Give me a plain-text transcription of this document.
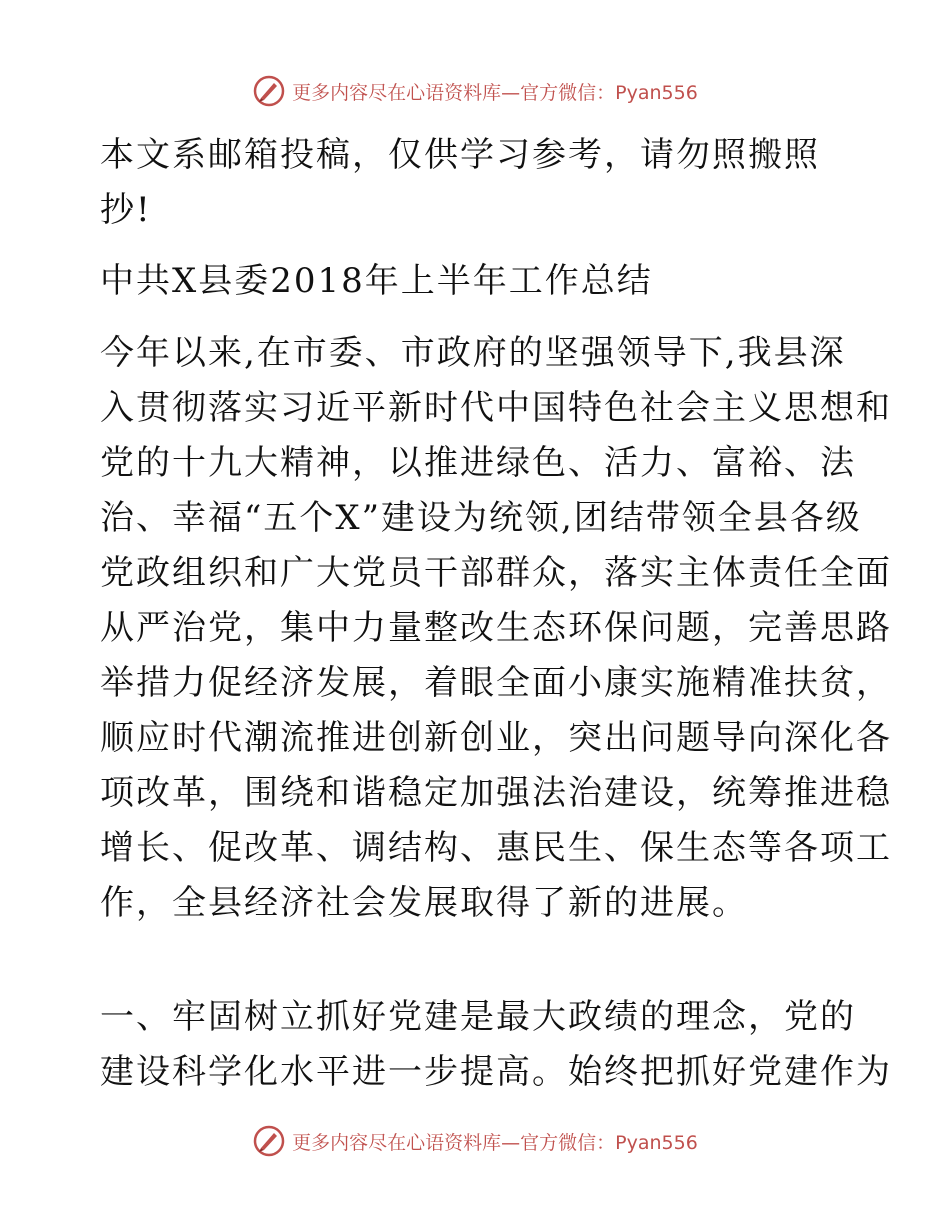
更多内容尽在心语资料库—官方微信：Pyan556
本文系邮箱投稿，仅供学习参考，请勿照搬照
抄!
中共X县委2018年上半年工作总结
今年以来,在市委、市政府的坚强领导下,我县深
入贯彻落实习近平新时代中国特色社会主义思想和
党的十九大精神，以推进绿色、活力、富裕、法
治、幸福“五个X”建设为统领,团结带领全县各级
党政组织和广大党员干部群众，落实主体责任全面
从严治党，集中力量整改生态环保问题，完善思路
举措力促经济发展，着眼全面小康实施精准扶贫，
顺应时代潮流推进创新创业，突出问题导向深化各
项改革，围绕和谐稳定加强法治建设，统筹推进稳
增长、促改革、调结构、惠民生、保生态等各项工
作，全县经济社会发展取得了新的进展。
一、牢固树立抓好党建是最大政绩的理念，党的
建设科学化水平进一步提高。始终把抓好党建作为
更多内容尽在心语资料库—官方微信：Pyan556
